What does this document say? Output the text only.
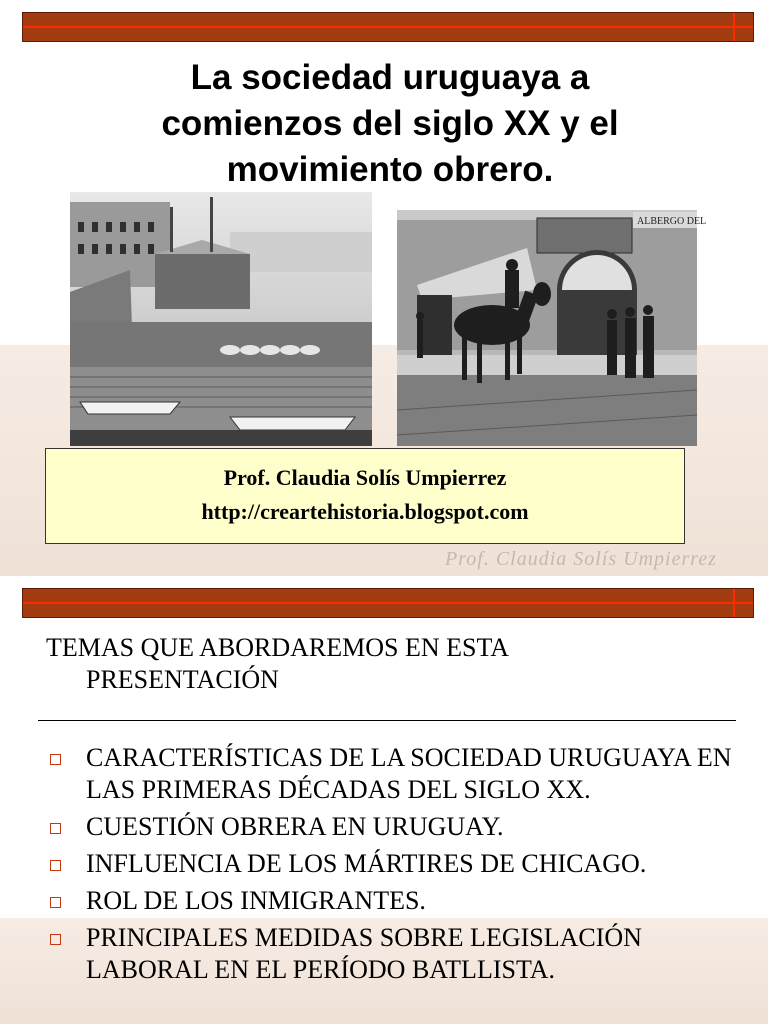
La sociedad uruguaya a
comienzos del siglo XX y el
movimiento obrero.
ALBERGO DEL
Prof. Claudia Solís Umpierrez
http://creartehistoria.blogspot.com
Prof. Claudia Solís Umpierrez
TEMAS QUE ABORDAREMOS EN ESTA
PRESENTACIÓN
CARACTERÍSTICAS DE LA SOCIEDAD URUGUAYA EN LAS PRIMERAS DÉCADAS DEL SIGLO XX.
CUESTIÓN OBRERA EN URUGUAY.
INFLUENCIA DE LOS MÁRTIRES DE CHICAGO.
ROL DE LOS INMIGRANTES.
PRINCIPALES MEDIDAS SOBRE LEGISLACIÓN LABORAL EN EL PERÍODO BATLLISTA.
